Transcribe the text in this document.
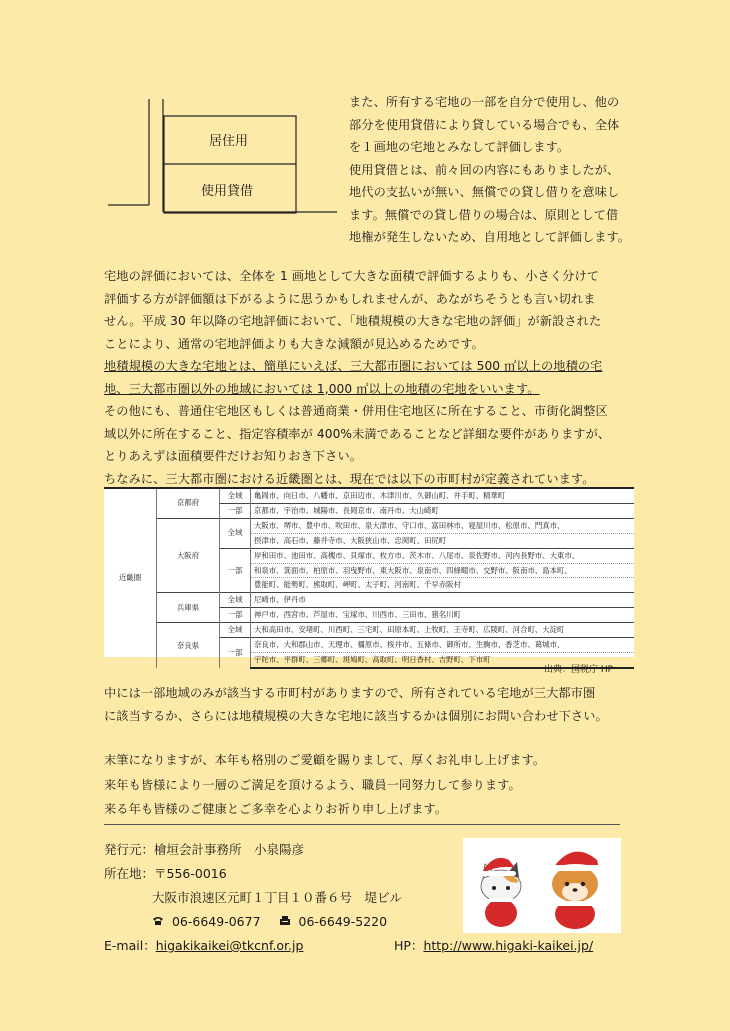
居住用
使用貸借
また、所有する宅地の一部を自分で使用し、他の
部分を使用貸借により貸している場合でも、全体
を１画地の宅地とみなして評価します。
使用貸借とは、前々回の内容にもありましたが、
地代の支払いが無い、無償での貸し借りを意味し
ます。無償での貸し借りの場合は、原則として借
地権が発生しないため、自用地として評価します。
宅地の評価においては、全体を 1 画地として大きな面積で評価するよりも、小さく分けて
評価する方が評価額は下がるように思うかもしれませんが、あながちそうとも言い切れま
せん。平成 30 年以降の宅地評価において、「地積規模の大きな宅地の評価」が新設された
ことにより、通常の宅地評価よりも大きな減額が見込めるためです。
地積規模の大きな宅地とは、簡単にいえば、三大都市圏においては 500 ㎡以上の地積の宅
地、三大都市圏以外の地域においては 1,000 ㎡以上の地積の宅地をいいます。
その他にも、普通住宅地区もしくは普通商業・併用住宅地区に所在すること、市街化調整区
域以外に所在すること、指定容積率が 400%未満であることなど詳細な要件がありますが、
とりあえずは面積要件だけお知りおき下さい。
ちなみに、三大都市圏における近畿圏とは、現在では以下の市町村が定義されています。
近畿圏	京都府	全域	亀岡市、向日市、八幡市、京田辺市、木津川市、久御山町、井手町、精華町
		一部	京都市、宇治市、城陽市、長岡京市、南丹市、大山崎町
	大阪府	全域	大阪市、堺市、豊中市、吹田市、泉大津市、守口市、富田林市、寝屋川市、松原市、門真市、
			摂津市、高石市、藤井寺市、大阪狭山市、忠岡町、田尻町
		一部	岸和田市、池田市、高槻市、貝塚市、枚方市、茨木市、八尾市、泉佐野市、河内長野市、大東市、
			和泉市、箕面市、柏原市、羽曳野市、東大阪市、泉南市、四條畷市、交野市、阪南市、島本町、
			豊能町、能勢町、熊取町、岬町、太子町、河南町、千早赤阪村
	兵庫県	全域	尼崎市、伊丹市
		一部	神戸市、西宮市、芦屋市、宝塚市、川西市、三田市、猪名川町
	奈良県	全域	大和高田市、安堵町、川西町、三宅町、田原本町、上牧町、王寺町、広陵町、河合町、大淀町
		一部	奈良市、大和郡山市、天理市、橿原市、桜井市、五條市、御所市、生駒市、香芝市、葛城市、
			宇陀市、平群町、三郷町、斑鳩町、高取町、明日香村、吉野町、下市町
出典：国税庁 HP
中には一部地域のみが該当する市町村がありますので、所有されている宅地が三大都市圏
に該当するか、さらには地積規模の大きな宅地に該当するかは個別にお問い合わせ下さい。
末筆になりますが、本年も格別のご愛顧を賜りまして、厚くお礼申し上げます。
来年も皆様により一層のご満足を頂けるよう、職員一同努力して参ります。
来る年も皆様のご健康とご多幸を心よりお祈り申し上げます。
発行元：檜垣会計事務所　小泉陽彦
所在地：〒556-0016
大阪市浪速区元町１丁目１０番６号　堤ビル
06-6649-0677	06-6649-5220
E-mail：higakikaikei@tkcnf.or.jp	HP：http://www.higaki-kaikei.jp/
